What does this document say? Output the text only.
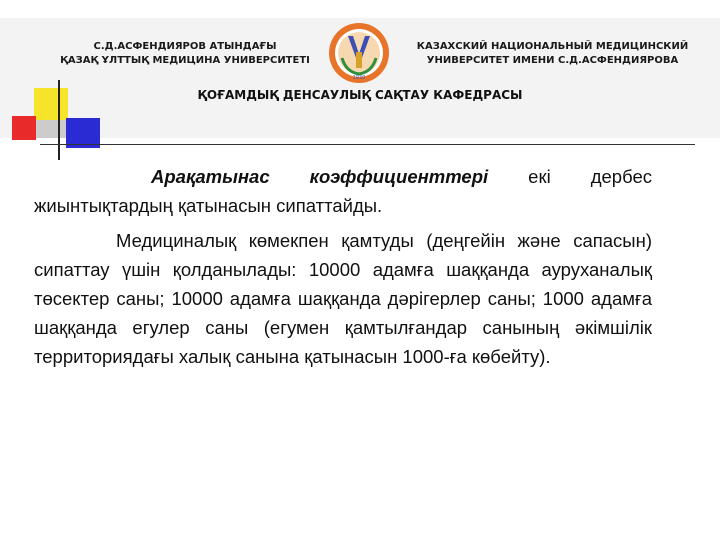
С.Д.АСФЕНДИЯРОВ АТЫНДАҒЫ
ҚАЗАҚ ҰЛТТЫҚ МЕДИЦИНА УНИВЕРСИТЕТІ
1930
КАЗАХСКИЙ НАЦИОНАЛЬНЫЙ МЕДИЦИНСКИЙ
УНИВЕРСИТЕТ ИМЕНИ С.Д.АСФЕНДИЯРОВА
ҚОҒАМДЫҚ ДЕНСАУЛЫҚ САҚТАУ КАФЕДРАСЫ

Арақатынас коэффициенттері екі дербес жиынтықтардың қатынасын сипаттайды.

Медициналық көмекпен қамтуды (деңгейін және сапасын) сипаттау үшін қолданылады: 10000 адамға шаққанда ауруханалық төсектер саны; 10000 адамға шаққанда дәрігерлер саны; 1000 адамға шаққанда егулер саны (егумен қамтылғандар санының әкімшілік территориядағы халық санына қатынасын 1000-ға көбейту).
